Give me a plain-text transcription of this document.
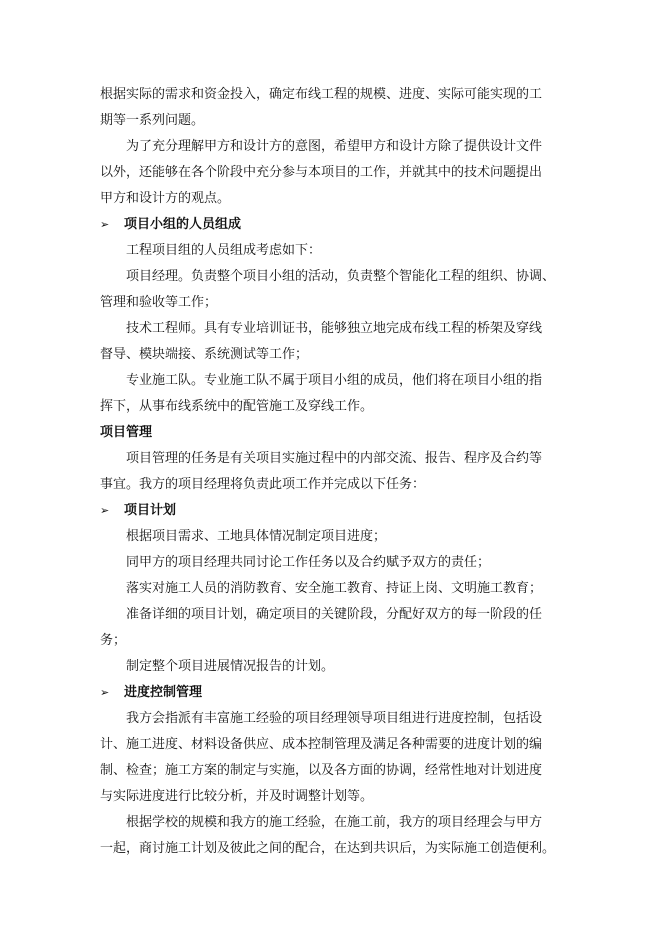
根据实际的需求和资金投入，确定布线工程的规模、进度、实际可能实现的工
期等一系列问题。
为了充分理解甲方和设计方的意图，希望甲方和设计方除了提供设计文件
以外，还能够在各个阶段中充分参与本项目的工作，并就其中的技术问题提出
甲方和设计方的观点。
➢ 项目小组的人员组成
工程项目组的人员组成考虑如下：
项目经理。负责整个项目小组的活动，负责整个智能化工程的组织、协调、
管理和验收等工作；
技术工程师。具有专业培训证书，能够独立地完成布线工程的桥架及穿线
督导、模块端接、系统测试等工作；
专业施工队。专业施工队不属于项目小组的成员，他们将在项目小组的指
挥下，从事布线系统中的配管施工及穿线工作。
项目管理
项目管理的任务是有关项目实施过程中的内部交流、报告、程序及合约等
事宜。我方的项目经理将负责此项工作并完成以下任务：
➢ 项目计划
根据项目需求、工地具体情况制定项目进度；
同甲方的项目经理共同讨论工作任务以及合约赋予双方的责任；
落实对施工人员的消防教育、安全施工教育、持证上岗、文明施工教育；
准备详细的项目计划，确定项目的关键阶段，分配好双方的每一阶段的任
务；
制定整个项目进展情况报告的计划。
➢ 进度控制管理
我方会指派有丰富施工经验的项目经理领导项目组进行进度控制，包括设
计、施工进度、材料设备供应、成本控制管理及满足各种需要的进度计划的编
制、检查；施工方案的制定与实施，以及各方面的协调，经常性地对计划进度
与实际进度进行比较分析，并及时调整计划等。
根据学校的规模和我方的施工经验，在施工前，我方的项目经理会与甲方
一起，商讨施工计划及彼此之间的配合，在达到共识后，为实际施工创造便利。
